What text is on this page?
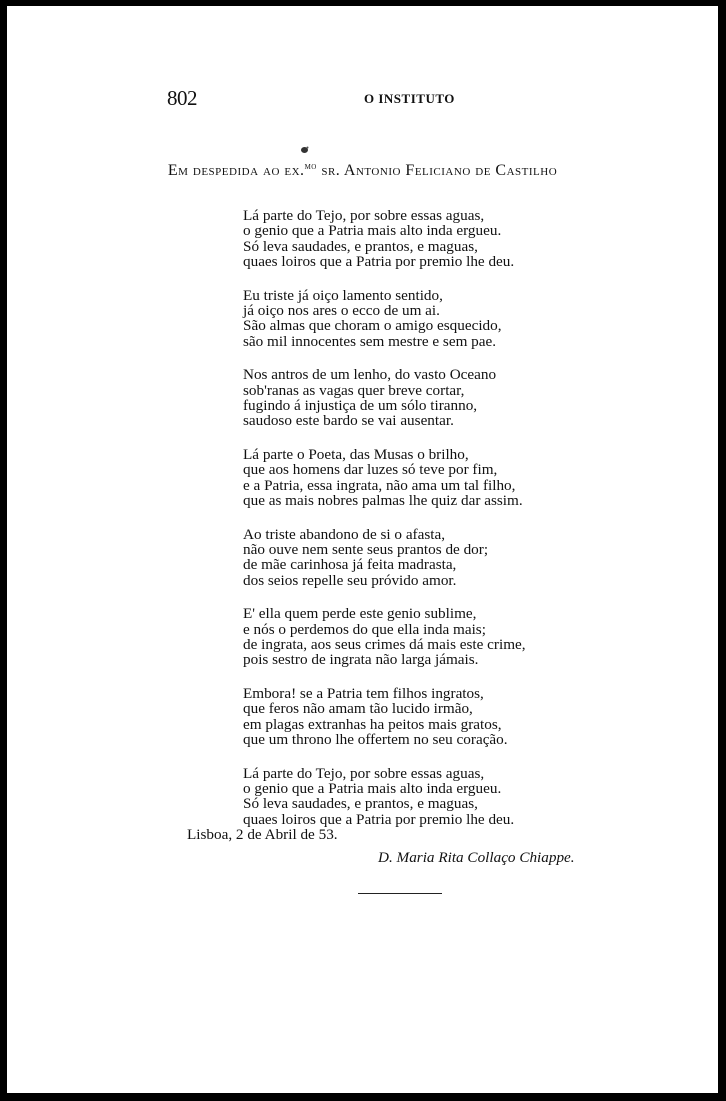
802	O INSTITUTO
Em despedida ao ex.$^{mo}$ sr. Antonio Feliciano de Castilho
Lá parte do Tejo, por sobre essas aguas,
o genio que a Patria mais alto inda ergueu.
Só leva saudades, e prantos, e maguas,
quaes loiros que a Patria por premio lhe deu.
Eu triste já oiço lamento sentido,
já oiço nos ares o ecco de um ai.
São almas que choram o amigo esquecido,
são mil innocentes sem mestre e sem pae.
Nos antros de um lenho, do vasto Oceano
sob'ranas as vagas quer breve cortar,
fugindo á injustiça de um sólo tiranno,
saudoso este bardo se vai ausentar.
Lá parte o Poeta, das Musas o brilho,
que aos homens dar luzes só teve por fim,
e a Patria, essa ingrata, não ama um tal filho,
que as mais nobres palmas lhe quiz dar assim.
Ao triste abandono de si o afasta,
não ouve nem sente seus prantos de dor;
de mãe carinhosa já feita madrasta,
dos seios repelle seu próvido amor.
E' ella quem perde este genio sublime,
e nós o perdemos do que ella inda mais;
de ingrata, aos seus crimes dá mais este crime,
pois sestro de ingrata não larga jámais.
Embora! se a Patria tem filhos ingratos,
que feros não amam tão lucido irmão,
em plagas extranhas ha peitos mais gratos,
que um throno lhe offertem no seu coração.
Lá parte do Tejo, por sobre essas aguas,
o genio que a Patria mais alto inda ergueu.
Só leva saudades, e prantos, e maguas,
quaes loiros que a Patria por premio lhe deu.
Lisboa, 2 de Abril de 53.
D. Maria Rita Collaço Chiappe.
